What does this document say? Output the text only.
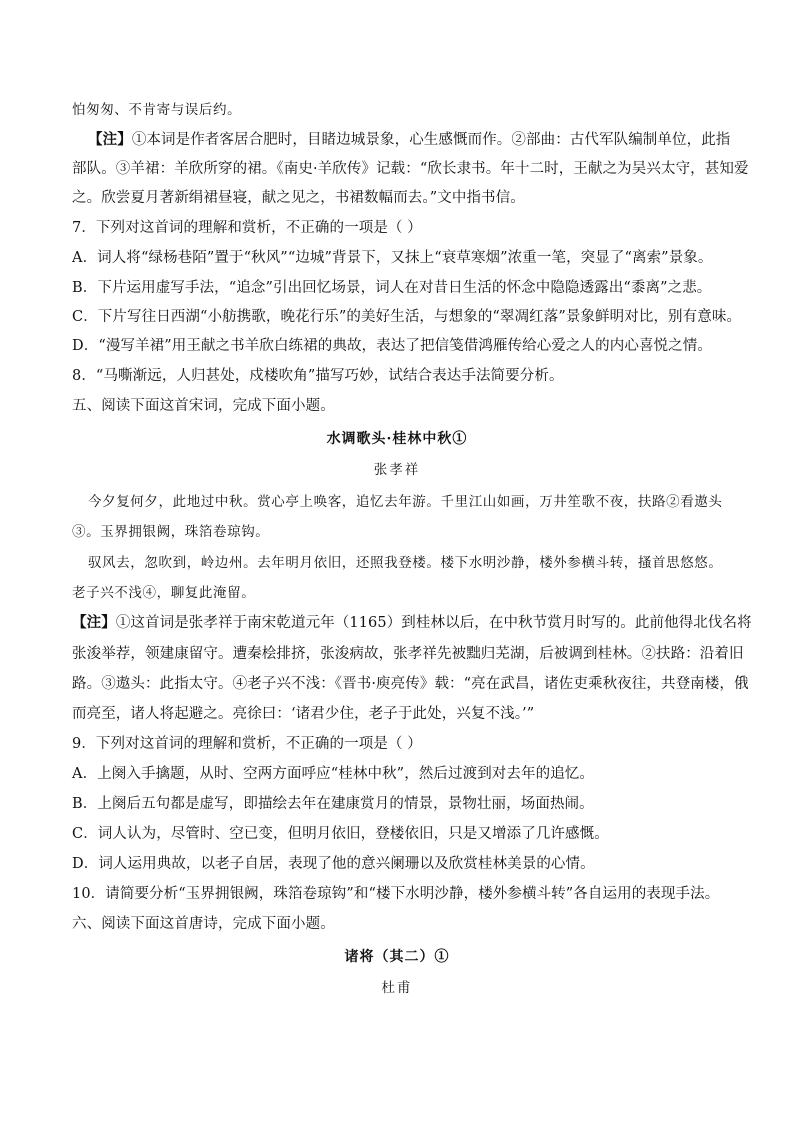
怕匆匆、不肯寄与误后约。
【注】①本词是作者客居合肥时，目睹边城景象，心生感慨而作。②部曲：古代军队编制单位，此指
部队。③羊裙：羊欣所穿的裙。《南史·羊欣传》记载：“欣长隶书。年十二时，王献之为吴兴太守，甚知爱
之。欣尝夏月著新绢裙昼寝，献之见之，书裙数幅而去。”文中指书信。
7．下列对这首词的理解和赏析，不正确的一项是（ ）
A．词人将“绿杨巷陌”置于“秋风”“边城”背景下，又抹上“衰草寒烟”浓重一笔，突显了“离索”景象。
B．下片运用虚写手法，“追念”引出回忆场景，词人在对昔日生活的怀念中隐隐透露出“黍离”之悲。
C．下片写往日西湖“小舫携歌，晚花行乐”的美好生活，与想象的“翠凋红落”景象鲜明对比，别有意味。
D．“漫写羊裙”用王献之书羊欣白练裙的典故，表达了把信笺借鸿雁传给心爱之人的内心喜悦之情。
8．“马嘶渐远，人归甚处，戍楼吹角”描写巧妙，试结合表达手法简要分析。
五、阅读下面这首宋词，完成下面小题。
水调歌头·桂林中秋①
张孝祥
今夕复何夕，此地过中秋。赏心亭上唤客，追忆去年游。千里江山如画，万井笙歌不夜，扶路②看遨头
③。玉界拥银阙，珠箔卷琼钩。
驭风去，忽吹到，岭边州。去年明月依旧，还照我登楼。楼下水明沙静，楼外参横斗转，搔首思悠悠。
老子兴不浅④，聊复此淹留。
【注】①这首词是张孝祥于南宋乾道元年（1165）到桂林以后，在中秋节赏月时写的。此前他得北伐名将
张浚举荐，领建康留守。遭秦桧排挤，张浚病故，张孝祥先被黜归芜湖，后被调到桂林。②扶路：沿着旧
路。③遨头：此指太守。④老子兴不浅：《晋书·庾亮传》载：“亮在武昌，诸佐吏乘秋夜往，共登南楼，俄
而亮至，诸人将起避之。亮徐曰：‘诸君少住，老子于此处，兴复不浅。’”
9．下列对这首词的理解和赏析，不正确的一项是（ ）
A．上阕入手擒题，从时、空两方面呼应“桂林中秋”，然后过渡到对去年的追忆。
B．上阕后五句都是虚写，即描绘去年在建康赏月的情景，景物壮丽，场面热闹。
C．词人认为，尽管时、空已变，但明月依旧，登楼依旧，只是又增添了几许感慨。
D．词人运用典故，以老子自居，表现了他的意兴阑珊以及欣赏桂林美景的心情。
10．请简要分析“玉界拥银阙，珠箔卷琼钩”和“楼下水明沙静，楼外参横斗转”各自运用的表现手法。
六、阅读下面这首唐诗，完成下面小题。
诸将（其二）①
杜甫
